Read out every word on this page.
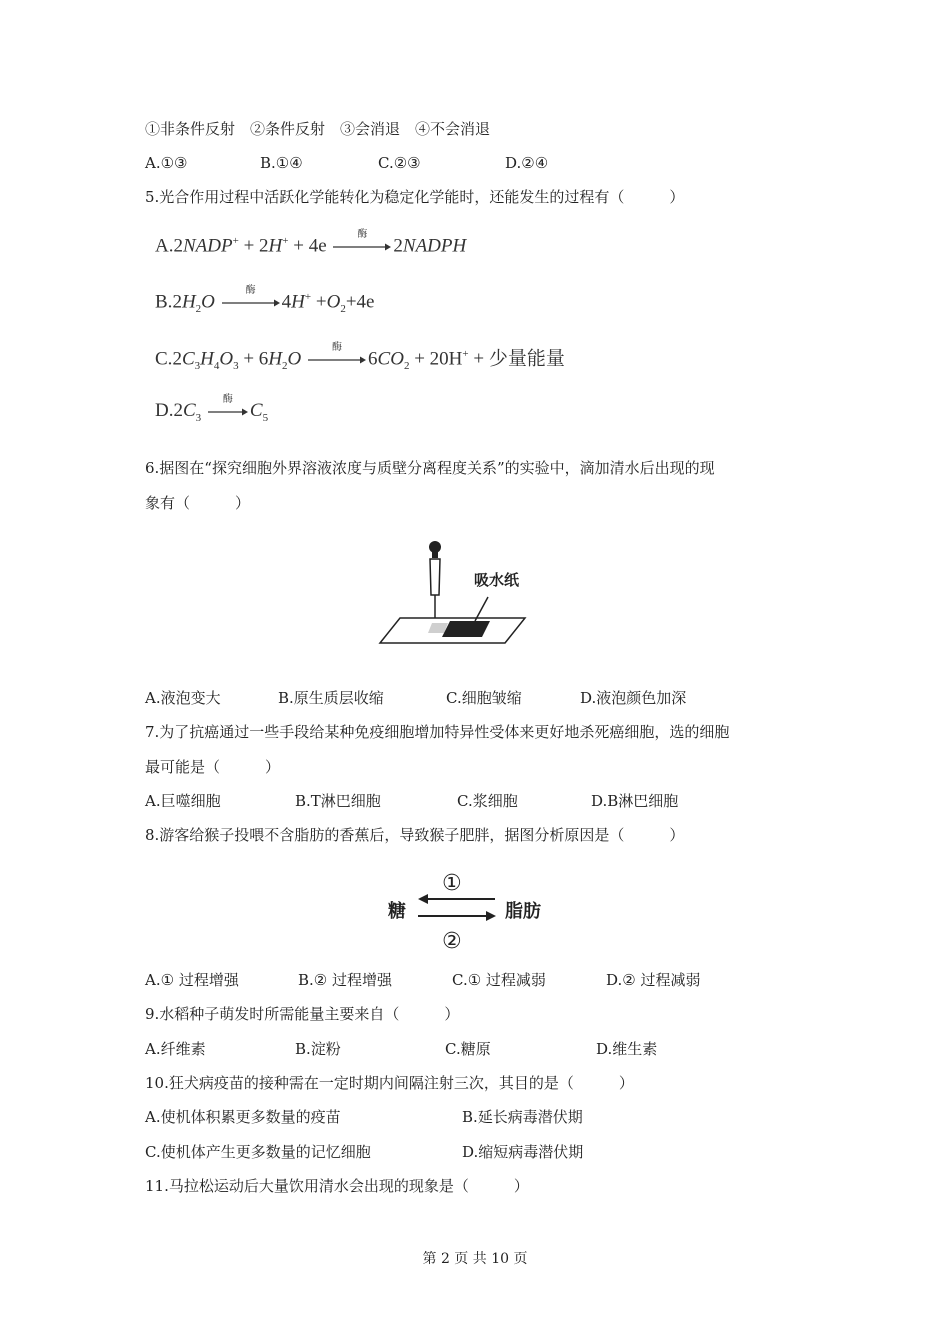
①非条件反射　②条件反射　③会消退　④不会消退
A.①③	B.①④	C.②③	D.②④
5.光合作用过程中活跃化学能转化为稳定化学能时，还能发生的过程有（　　　）
A.2NADP+ + 2H+ + 4e
酶
2NADPH
$B.2H_2O$
酶
$4H^+ +O_2+4e$
$C.2C_3H_4O_3 + 6H_2O$
酶
$6CO_2 + 20H^+$ + 少量能量
$D.2C_3$
酶
$C_5$
6.据图在“探究细胞外界溶液浓度与质壁分离程度关系”的实验中，滴加清水后出现的现
象有（　　　）
吸水纸
A.液泡变大	B.原生质层收缩	C.细胞皱缩	D.液泡颜色加深
7.为了抗癌通过一些手段给某种免疫细胞增加特异性受体来更好地杀死癌细胞，选的细胞
最可能是（　　　）
A.巨噬细胞	B.T淋巴细胞	C.浆细胞	D.B淋巴细胞
8.游客给猴子投喂不含脂肪的香蕉后，导致猴子肥胖，据图分析原因是（　　　）
糖	脂肪
①
②
A.① 过程增强	B.② 过程增强	C.① 过程减弱	D.② 过程减弱
9.水稻种子萌发时所需能量主要来自（　　　）
A.纤维素	B.淀粉	C.糖原	D.维生素
10.狂犬病疫苗的接种需在一定时期内间隔注射三次，其目的是（　　　）
A.使机体积累更多数量的疫苗	B.延长病毒潜伏期
C.使机体产生更多数量的记忆细胞	D.缩短病毒潜伏期
11.马拉松运动后大量饮用清水会出现的现象是（　　　）
第 2 页 共 10 页
